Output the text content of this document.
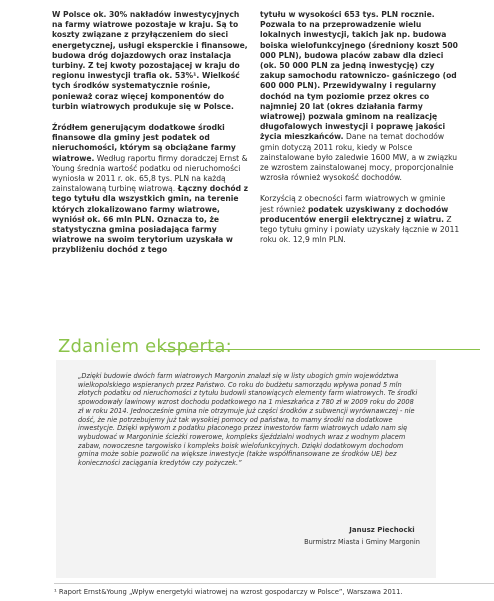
W Polsce ok. 30% nakładów inwestycyjnych na farmy wiatrowe pozostaje w kraju. Są to koszty związane z przyłączeniem do sieci energetycznej, usługi eksperckie i finansowe, budowa dróg dojazdowych oraz instalacja turbiny. Z tej kwoty pozostającej w kraju do regionu inwestycji trafia ok. 53%¹. Wielkość tych środków systematycznie rośnie, ponieważ coraz więcej komponentów do turbin wiatrowych produkuje się w Polsce.

Źródłem generującym dodatkowe środki finansowe dla gminy jest podatek od nieruchomości, którym są obciążane farmy wiatrowe. Według raportu firmy doradczej Ernst & Young średnia wartość podatku od nieruchomości wyniosła w 2011 r. ok. 65,8 tys. PLN na każdą zainstalowaną turbinę wiatrową. Łączny dochód z tego tytułu dla wszystkich gmin, na terenie których zlokalizowano farmy wiatrowe, wyniósł ok. 66 mln PLN. Oznacza to, że statystyczna gmina posiadająca farmy wiatrowe na swoim terytorium uzyskała w przybliżeniu dochód z tego

tytułu w wysokości 653 tys. PLN rocznie. Pozwala to na przeprowadzenie wielu lokalnych inwestycji, takich jak np. budowa boiska wielofunkcyjnego (średniony koszt 500 000 PLN), budowa placów zabaw dla dzieci (ok. 50 000 PLN za jedną inwestycję) czy zakup samochodu ratowniczo- gaśniczego (od 600 000 PLN). Przewidywalny i regularny dochód na tym poziomie przez okres co najmniej 20 lat (okres działania farmy wiatrowej) pozwala gminom na realizację długofalowych inwestycji i poprawę jakości życia mieszkańców. Dane na temat dochodów gmin dotyczą 2011 roku, kiedy w Polsce zainstalowane było zaledwie 1600 MW, a w związku ze wzrostem zainstalowanej mocy, proporcjonalnie wzrosła również wysokość dochodów.

Korzyścią z obecności farm wiatrowych w gminie jest również podatek uzyskiwany z dochodów producentów energii elektrycznej z wiatru. Z tego tytułu gminy i powiaty uzyskały łącznie w 2011 roku ok. 12,9 mln PLN.

Zdaniem eksperta:

„Dzięki budowie dwóch farm wiatrowych Margonin znalazł się w listy ubogich gmin województwa wielkopolskiego wspieranych przez Państwo. Co roku do budżetu samorządu wpływa ponad 5 mln złotych podatku od nieruchomości z tytułu budowli stanowiących elementy farm wiatrowych. Te środki spowodowały lawinowy wzrost dochodu podatkowego na 1 mieszkańca z 780 zł w 2009 roku do 2008 zł w roku 2014. Jednocześnie gmina nie otrzymuje już części środków z subwencji wyrównawczej - nie dość, że nie potrzebujemy już tak wysokiej pomocy od państwa, to mamy środki na dodatkowe inwestycje. Dzięki wpływom z podatku płaconego przez inwestorów farm wiatrowych udało nam się wybudować w Margoninie ścieżki rowerowe, kompleks śjeździalni wodnych wraz z wodnym placem zabaw, nowoczesne targowisko i kompleks boisk wielofunkcyjnych. Dzięki dodatkowym dochodom gmina może sobie pozwolić na większe inwestycje (także współfinansowane ze środków UE) bez konieczności zaciągania kredytów czy pożyczek.”

Janusz Piechocki
Burmistrz Miasta i Gminy Margonin
¹ Raport Ernst&Young „Wpływ energetyki wiatrowej na wzrost gospodarczy w Polsce”, Warszawa 2011.
